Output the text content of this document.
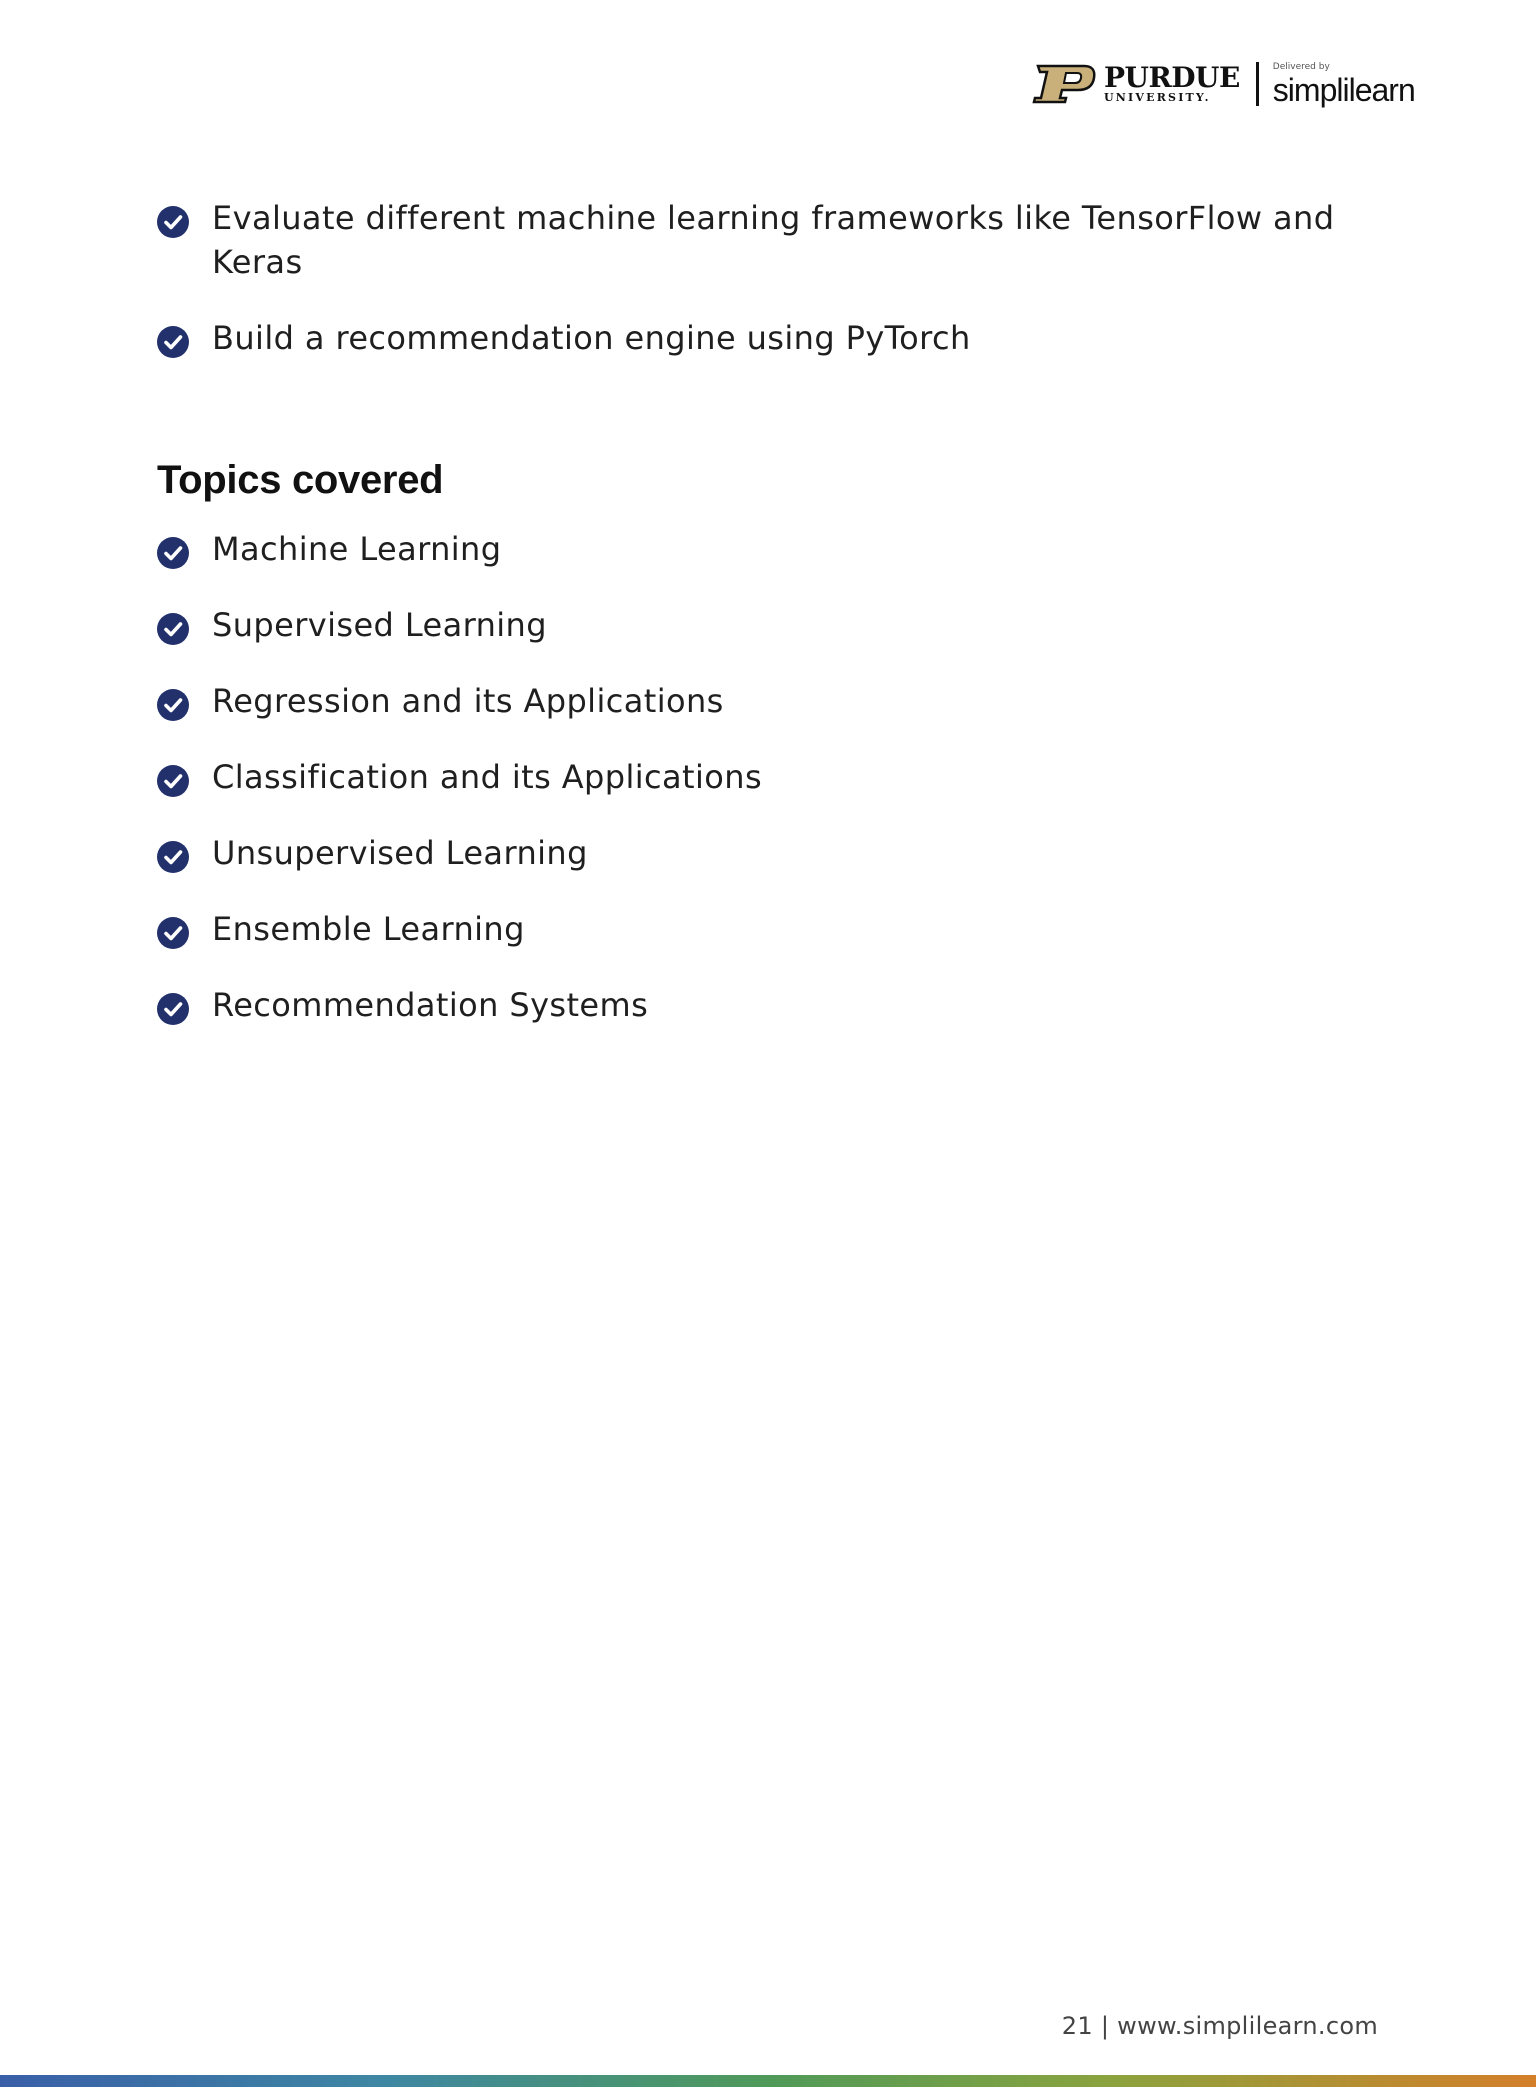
PURDUE
UNIVERSITY.
Delivered by
simplilearn
Evaluate different machine learning frameworks like TensorFlow and Keras
Build a recommendation engine using PyTorch
Topics covered
Machine Learning
Supervised Learning
Regression and its Applications
Classification and its Applications
Unsupervised Learning
Ensemble Learning
Recommendation Systems
21 | www.simplilearn.com
